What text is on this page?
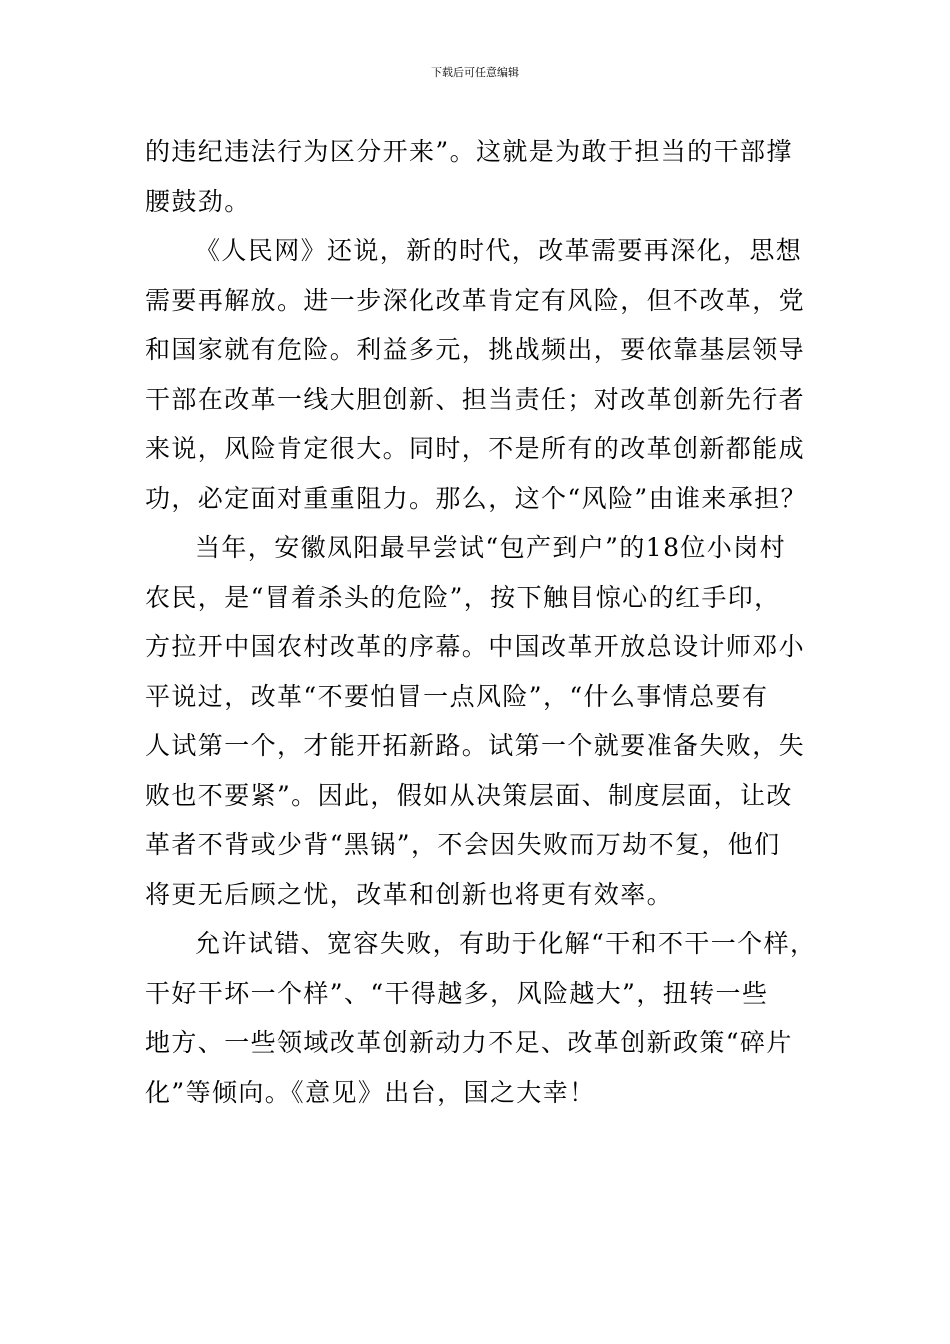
下载后可任意编辑
的违纪违法行为区分开来”。这就是为敢于担当的干部撑
腰鼓劲。
《人民网》还说，新的时代，改革需要再深化，思想
需要再解放。进一步深化改革肯定有风险，但不改革，党
和国家就有危险。利益多元，挑战频出，要依靠基层领导
干部在改革一线大胆创新、担当责任；对改革创新先行者
来说，风险肯定很大。同时，不是所有的改革创新都能成
功，必定面对重重阻力。那么，这个“风险”由谁来承担？
当年，安徽凤阳最早尝试“包产到户”的18位小岗村
农民，是“冒着杀头的危险”，按下触目惊心的红手印，
方拉开中国农村改革的序幕。中国改革开放总设计师邓小
平说过，改革“不要怕冒一点风险”，“什么事情总要有
人试第一个，才能开拓新路。试第一个就要准备失败，失
败也不要紧”。因此，假如从决策层面、制度层面，让改
革者不背或少背“黑锅”，不会因失败而万劫不复，他们
将更无后顾之忧，改革和创新也将更有效率。
允许试错、宽容失败，有助于化解“干和不干一个样，
干好干坏一个样”、“干得越多，风险越大”，扭转一些
地方、一些领域改革创新动力不足、改革创新政策“碎片
化”等倾向。《意见》出台，国之大幸！
